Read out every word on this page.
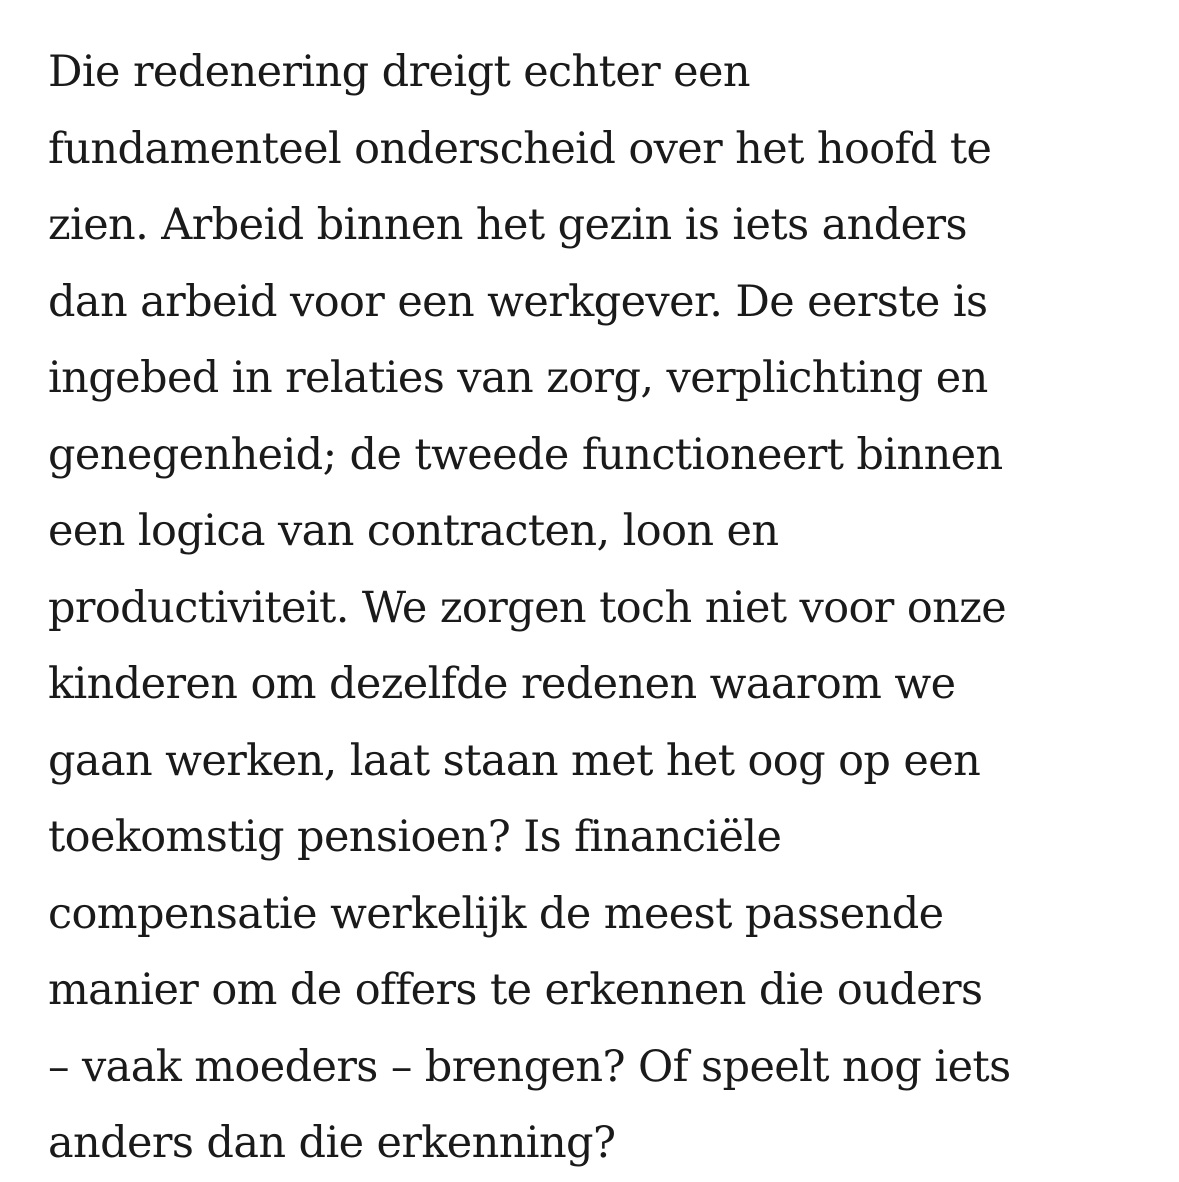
Die redenering dreigt echter een
fundamenteel onderscheid over het hoofd te
zien. Arbeid binnen het gezin is iets anders
dan arbeid voor een werkgever. De eerste is
ingebed in relaties van zorg, verplichting en
genegenheid; de tweede functioneert binnen
een logica van contracten, loon en
productiviteit. We zorgen toch niet voor onze
kinderen om dezelfde redenen waarom we
gaan werken, laat staan met het oog op een
toekomstig pensioen? Is financiële
compensatie werkelijk de meest passende
manier om de offers te erkennen die ouders
– vaak moeders – brengen? Of speelt nog iets
anders dan die erkenning?
